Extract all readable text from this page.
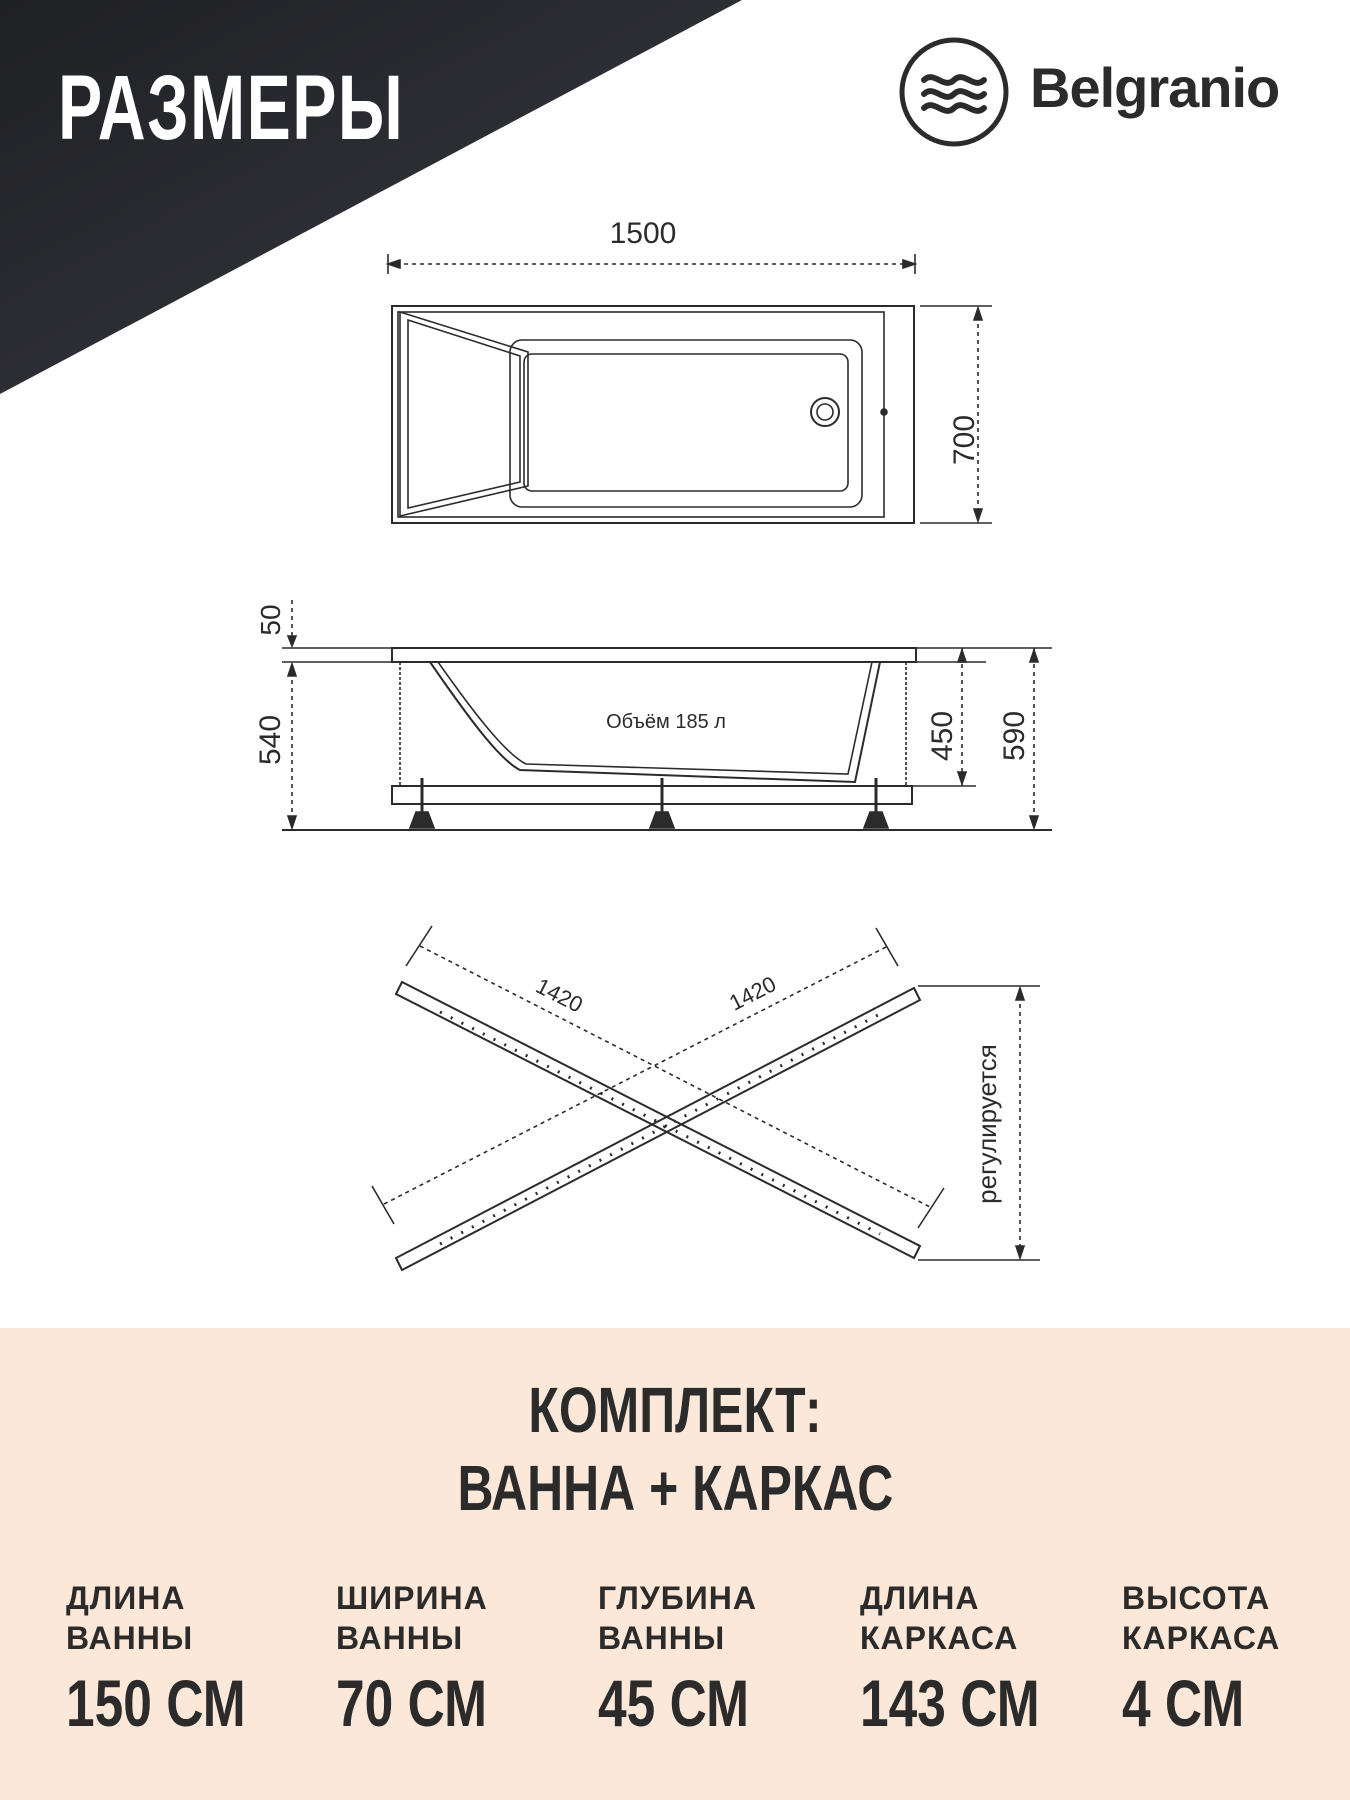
РАЗМЕРЫ	Belgranio
1500
700
50
540	Объём 185 л	450 590
1420	1420
регулируется
КОМПЛЕКТ:
ВАННА + КАРКАС
ДЛИНА
ВАННЫ
150 СМ
ШИРИНА
ВАННЫ
70 СМ
ГЛУБИНА
ВАННЫ
45 СМ
ДЛИНА
КАРКАСА
143 СМ
ВЫСОТА
КАРКАСА
4 СМ
